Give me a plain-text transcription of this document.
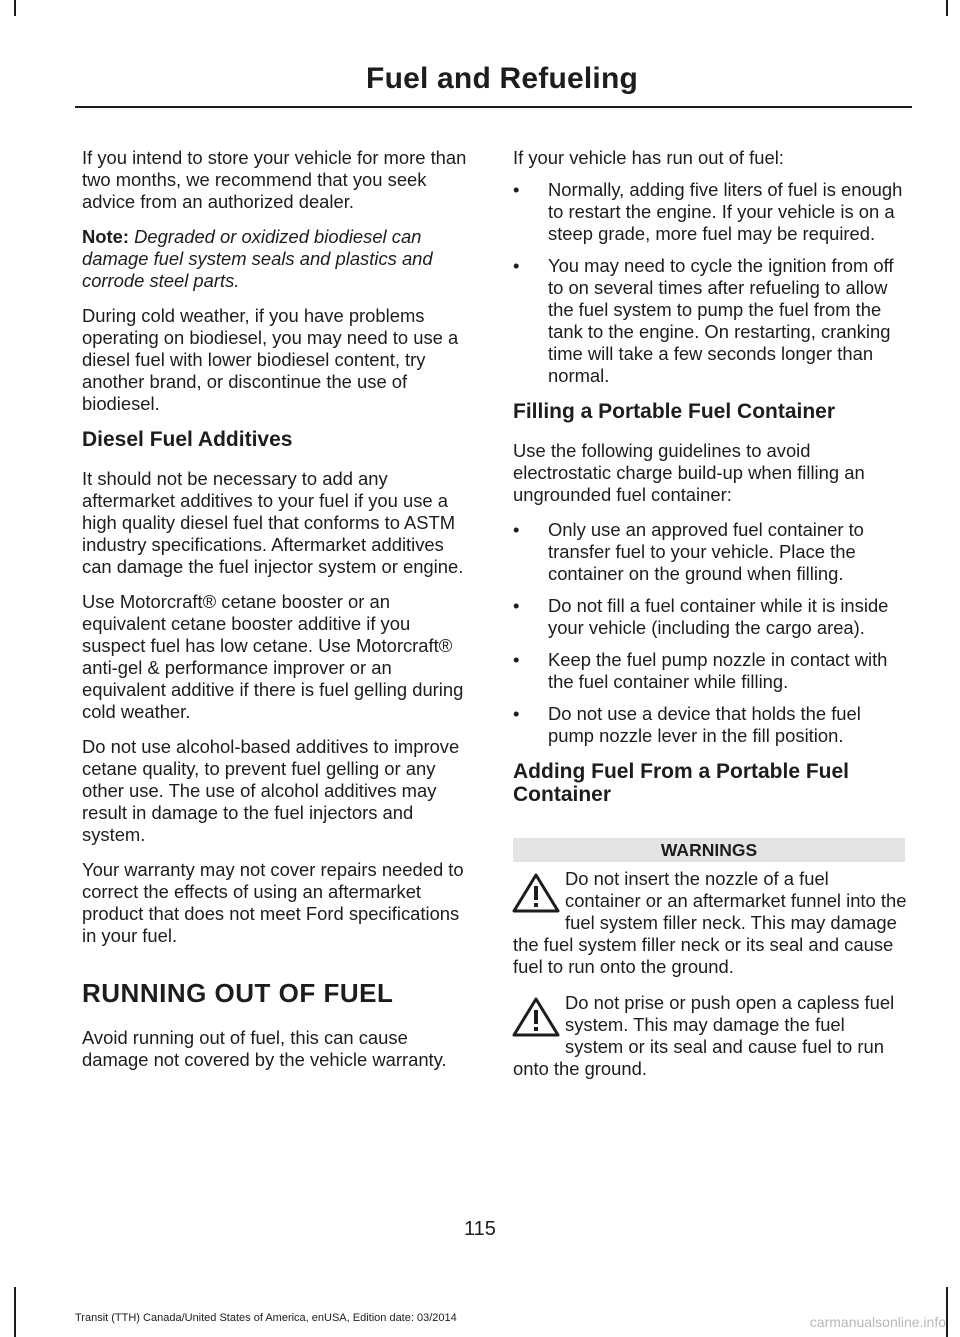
Fuel and Refueling

If you intend to store your vehicle for more than two months, we recommend that you seek advice from an authorized dealer.

Note: Degraded or oxidized biodiesel can damage fuel system seals and plastics and corrode steel parts.

During cold weather, if you have problems operating on biodiesel, you may need to use a diesel fuel with lower biodiesel content, try another brand, or discontinue the use of biodiesel.

Diesel Fuel Additives

It should not be necessary to add any aftermarket additives to your fuel if you use a high quality diesel fuel that conforms to ASTM industry specifications. Aftermarket additives can damage the fuel injector system or engine.

Use Motorcraft® cetane booster or an equivalent cetane booster additive if you suspect fuel has low cetane. Use Motorcraft® anti-gel & performance improver or an equivalent additive if there is fuel gelling during cold weather.

Do not use alcohol-based additives to improve cetane quality, to prevent fuel gelling or any other use. The use of alcohol additives may result in damage to the fuel injectors and system.

Your warranty may not cover repairs needed to correct the effects of using an aftermarket product that does not meet Ford specifications in your fuel.

RUNNING OUT OF FUEL

Avoid running out of fuel, this can cause damage not covered by the vehicle warranty.

If your vehicle has run out of fuel:

• Normally, adding five liters of fuel is enough to restart the engine. If your vehicle is on a steep grade, more fuel may be required.
• You may need to cycle the ignition from off to on several times after refueling to allow the fuel system to pump the fuel from the tank to the engine. On restarting, cranking time will take a few seconds longer than normal.
Filling a Portable Fuel Container

Use the following guidelines to avoid electrostatic charge build-up when filling an ungrounded fuel container:

• Only use an approved fuel container to transfer fuel to your vehicle. Place the container on the ground when filling.
• Do not fill a fuel container while it is inside your vehicle (including the cargo area).
• Keep the fuel pump nozzle in contact with the fuel container while filling.
• Do not use a device that holds the fuel pump nozzle lever in the fill position.
Adding Fuel From a Portable Fuel Container
WARNINGS
Do not insert the nozzle of a fuel container or an aftermarket funnel into the fuel system filler neck. This may damage the fuel system filler neck or its seal and cause fuel to run onto the ground.
Do not prise or push open a capless fuel system. This may damage the fuel system or its seal and cause fuel to run onto the ground.
115
Transit (TTH) Canada/United States of America, enUSA, Edition date: 03/2014	carmanualsonline.info
